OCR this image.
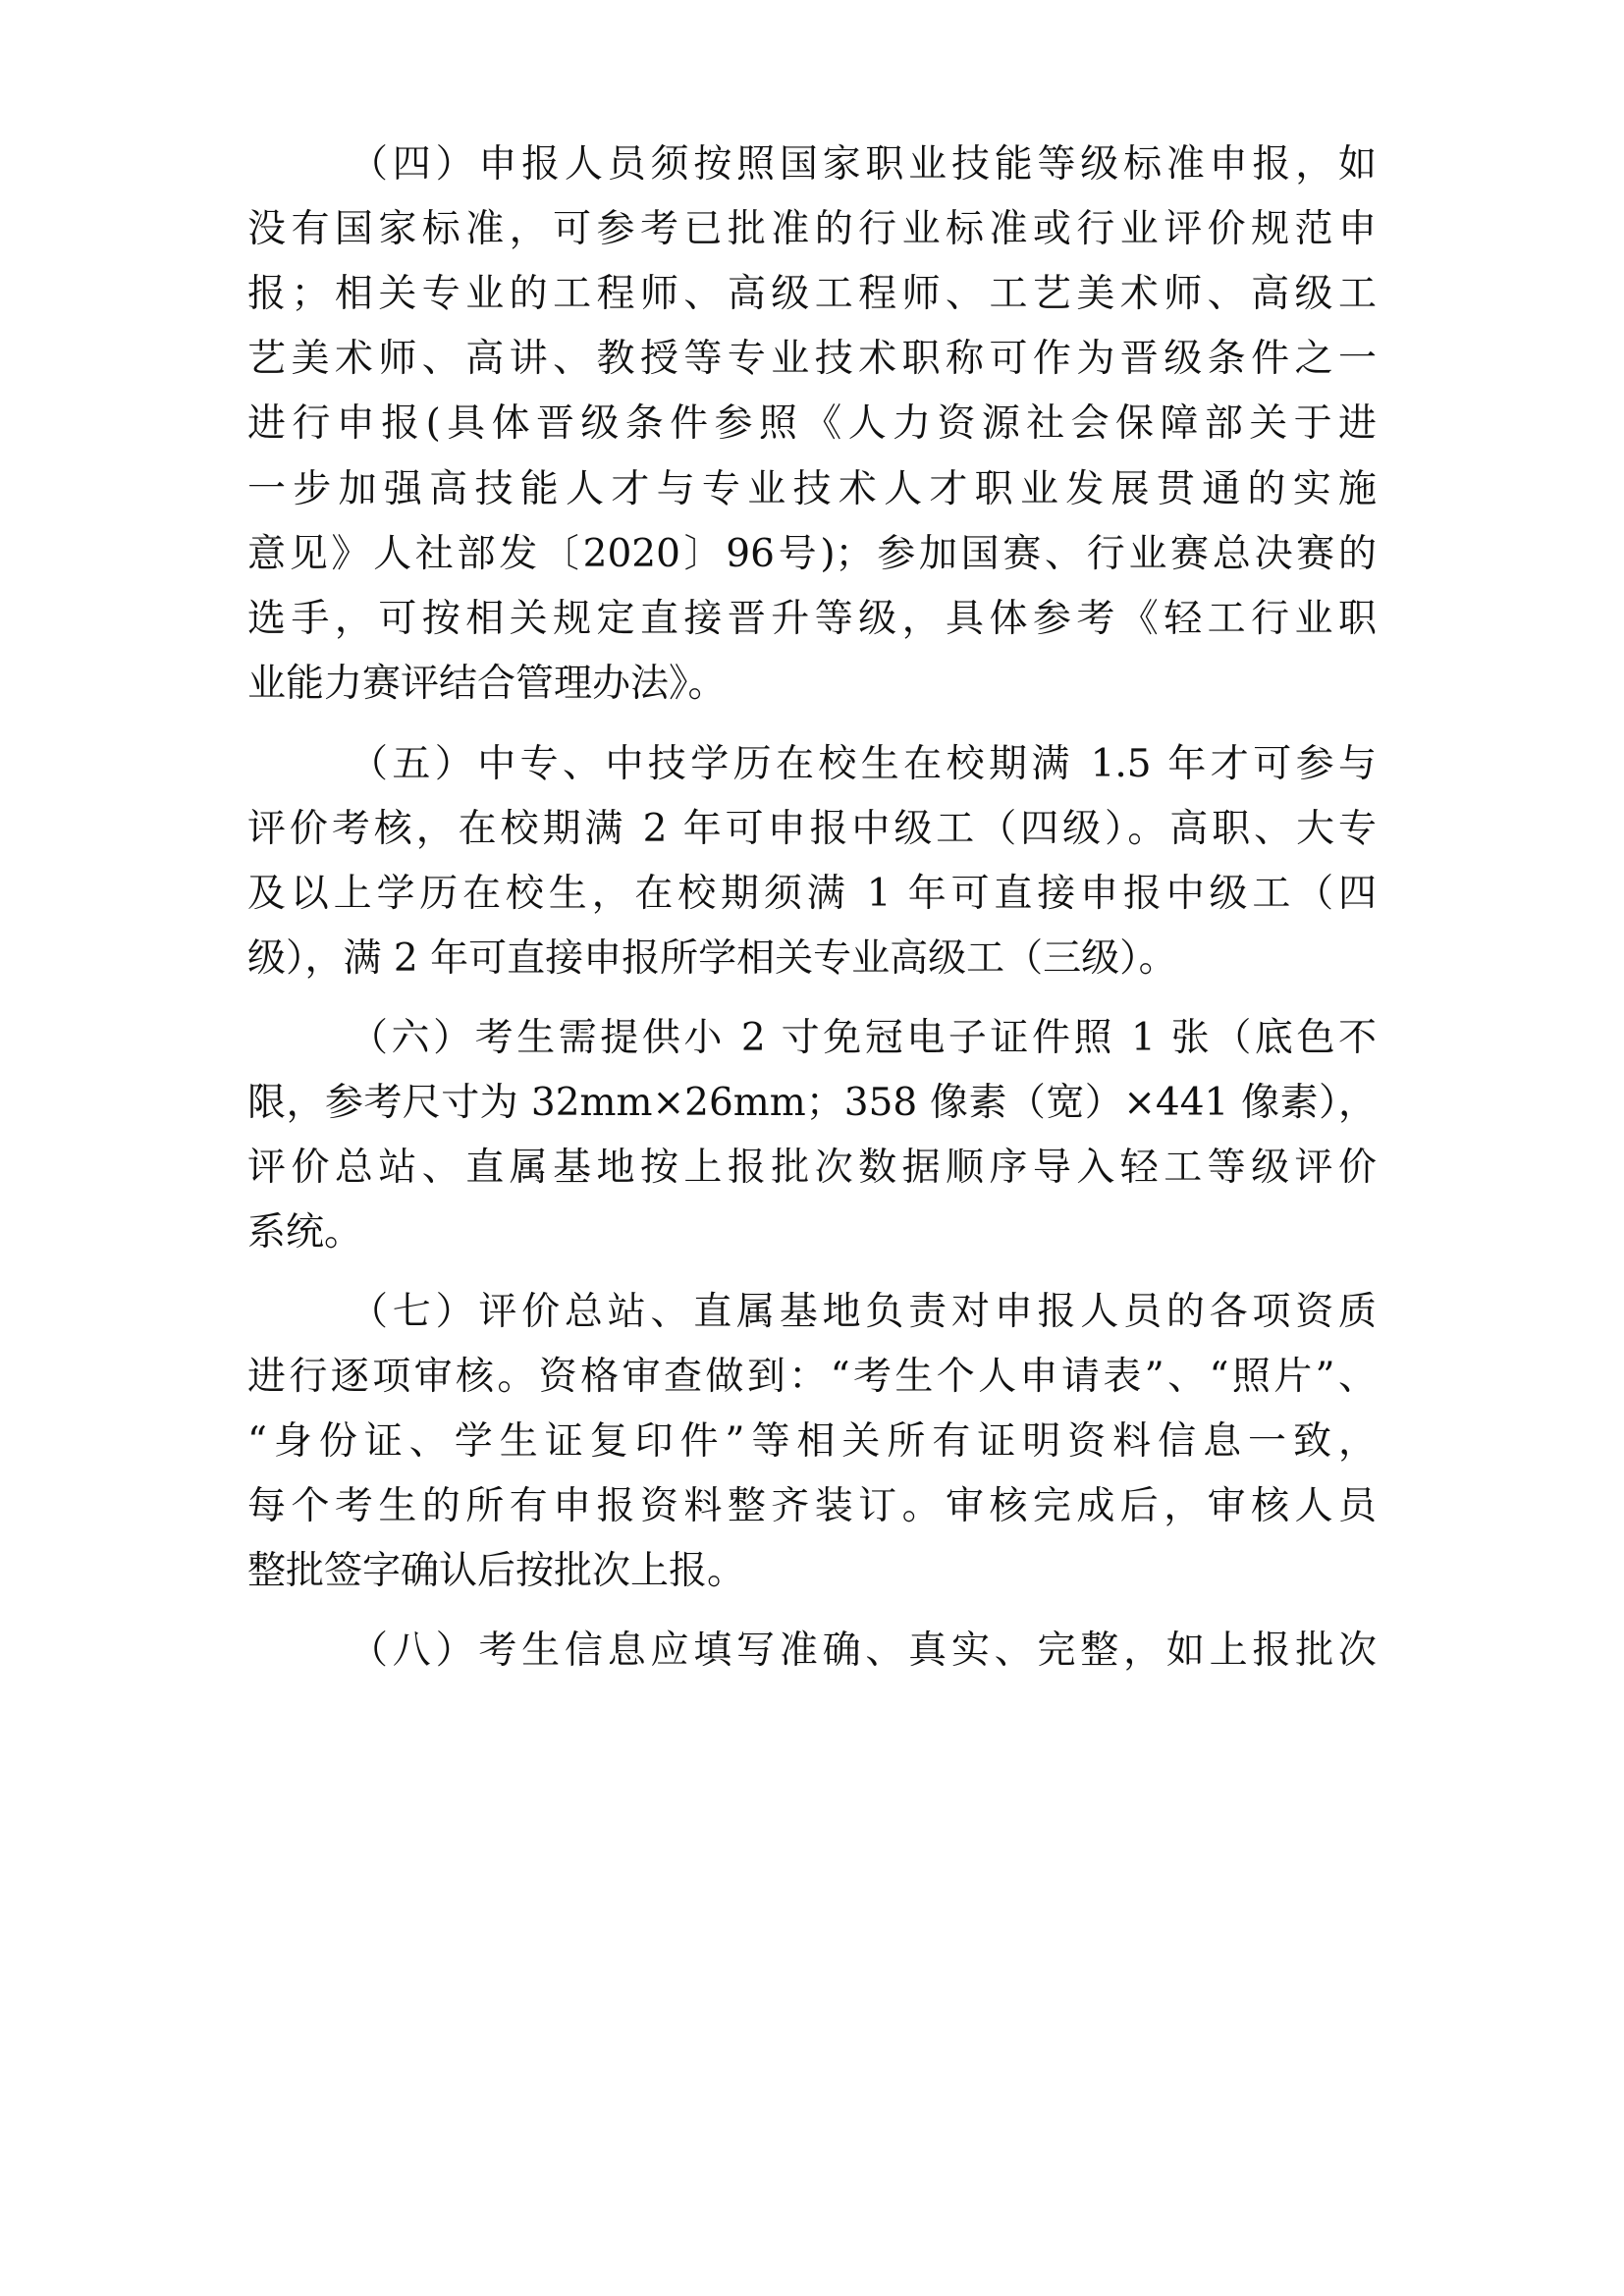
（四）申报人员须按照国家职业技能等级标准申报，如
没有国家标准，可参考已批准的行业标准或行业评价规范申
报；相关专业的工程师、高级工程师、工艺美术师、高级工
艺美术师、高讲、教授等专业技术职称可作为晋级条件之一
进行申报(具体晋级条件参照《人力资源社会保障部关于进
一步加强高技能人才与专业技术人才职业发展贯通的实施
意见》人社部发〔2020〕96号)；参加国赛、行业赛总决赛的
选手，可按相关规定直接晋升等级，具体参考《轻工行业职
业能力赛评结合管理办法》。
（五）中专、中技学历在校生在校期满 1.5 年才可参与
评价考核，在校期满 2 年可申报中级工（四级）。高职、大专
及以上学历在校生，在校期须满 1 年可直接申报中级工（四
级），满 2 年可直接申报所学相关专业高级工（三级）。
（六）考生需提供小 2 寸免冠电子证件照 1 张（底色不
限，参考尺寸为 32mm×26mm；358 像素（宽）×441 像素），
评价总站、直属基地按上报批次数据顺序导入轻工等级评价
系统。
（七）评价总站、直属基地负责对申报人员的各项资质
进行逐项审核。资格审查做到：“考生个人申请表”、“照片”、
“身份证、学生证复印件”等相关所有证明资料信息一致，
每个考生的所有申报资料整齐装订。审核完成后，审核人员
整批签字确认后按批次上报。
（八）考生信息应填写准确、真实、完整，如上报批次
